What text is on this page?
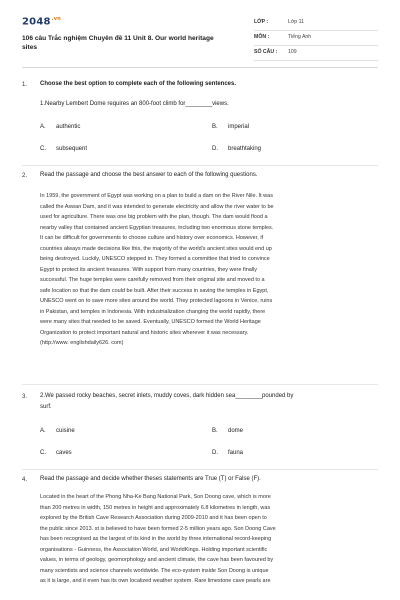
$2048^{.vn}$
106 câu Trắc nghiệm Chuyên đề 11 Unit 8. Our world heritage sites
LỚP :	Lớp 11
MÔN :	Tiếng Anh
SỐ CÂU : 109
1. Choose the best option to complete each of the following sentences.
1.Nearby Lembert Dome requires an 800-foot climb for________views.
A. authentic	B. imperial
C. subsequent	D. breathtaking
2. Read the passage and choose the best answer to each of the following questions.
In 1959, the government of Egypt was working on a plan to build a dam on the River Nile. It was
called the Aswan Dam, and it was intended to generate electricity and allow the river water to be
used for agriculture. There was one big problem with the plan, though. The dam would flood a
nearby valley that contained ancient Egyptian treasures, including two enormous stone temples.
It can be difficult for governments to choose culture and history over economics. However, if
countries always made decisions like this, the majority of the world's ancient sites would end up
being destroyed. Luckily, UNESCO stepped in. They formed a committee that tried to convince
Egypt to protect its ancient treasures. With support from many countries, they were finally
successful. The huge temples were carefully removed from their original site and moved to a
safe location so that the dam could be built. After their success in saving the temples in Egypt,
UNESCO went on to save more sites around the world. They protected lagoons in Venice, ruins
in Pakistan, and temples in Indonesia. With industrialization changing the world rapidly, there
were many sites that needed to be saved. Eventually, UNESCO formed the World Heritage
Organization to protect important natural and historic sites wherever it was necessary.
(http://www. englishdaily626. com)
3. 2.We passed rocky beaches, secret inlets, muddy coves, dark hidden sea________pounded by
surf.
A. cuisine	B. dome
C. caves	D. fauna
4. Read the passage and decide whether theses statements are True (T) or False (F).
Located in the heart of the Phong Nha-Ke Bang National Park, Son Doong cave, which is more
than 200 metres in width, 150 metres in height and approximately 6.8 kilometres in length, was
explored by the British Cave Research Association during 2009-2010 and it has been open to
the public since 2013. st is believed to have been formed 2-5 million years ago. Son Doong Cave
has been recognised as the largest of its kind in the world by three international record-keeping
organisations - Guinness, the Association World, and WorldKings. Holding important scientific
values, in terms of geology, geomorphology and ancient climate, the cave has been favoured by
many scientists and science channels worldwide. The eco-system inside Son Doong is unique
as it is large, and it even has its own localized weather system. Rare limestone cave pearls are
